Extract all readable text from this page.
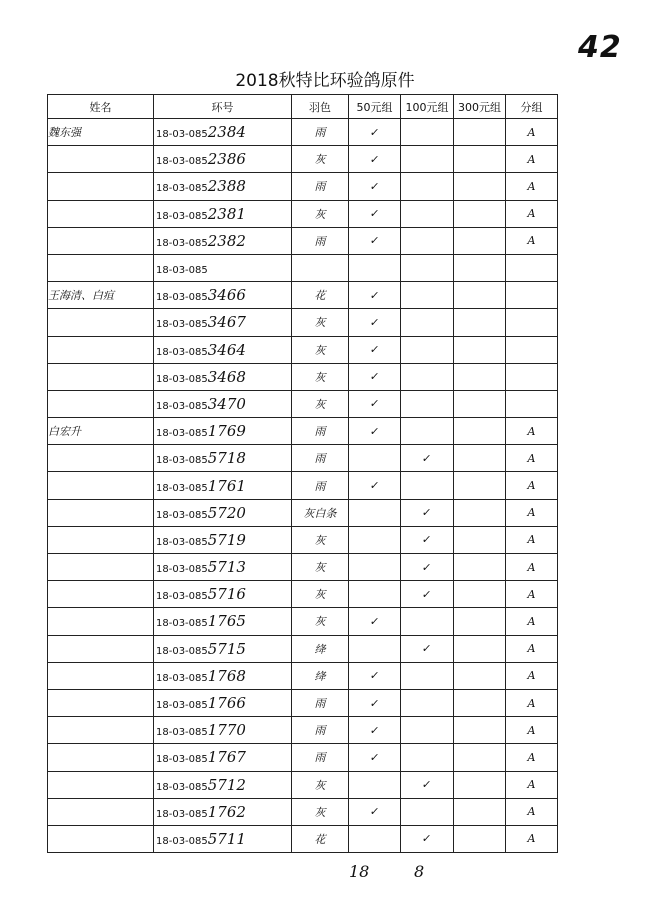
42
2018秋特比环验鸽原件
姓名	环号	羽色	50元组	100元组	300元组	分组
魏东强	18-03-0852384	雨	✓			A
	18-03-0852386	灰	✓			A
	18-03-0852388	雨	✓			A
	18-03-0852381	灰	✓			A
	18-03-0852382	雨	✓			A
	18-03-085					
王海清、白疽	18-03-0853466	花	✓			
	18-03-0853467	灰	✓			
	18-03-0853464	灰	✓			
	18-03-0853468	灰	✓			
	18-03-0853470	灰	✓			
白宏升	18-03-0851769	雨	✓			A
	18-03-0855718	雨		✓		A
	18-03-0851761	雨	✓			A
	18-03-0855720	灰白条		✓		A
	18-03-0855719	灰		✓		A
	18-03-0855713	灰		✓		A
	18-03-0855716	灰		✓		A
	18-03-0851765	灰	✓			A
	18-03-0855715	绛		✓		A
	18-03-0851768	绛	✓			A
	18-03-0851766	雨	✓			A
	18-03-0851770	雨	✓			A
	18-03-0851767	雨	✓			A
	18-03-0855712	灰		✓		A
	18-03-0851762	灰	✓			A
	18-03-0855711	花		✓		A
18	8
